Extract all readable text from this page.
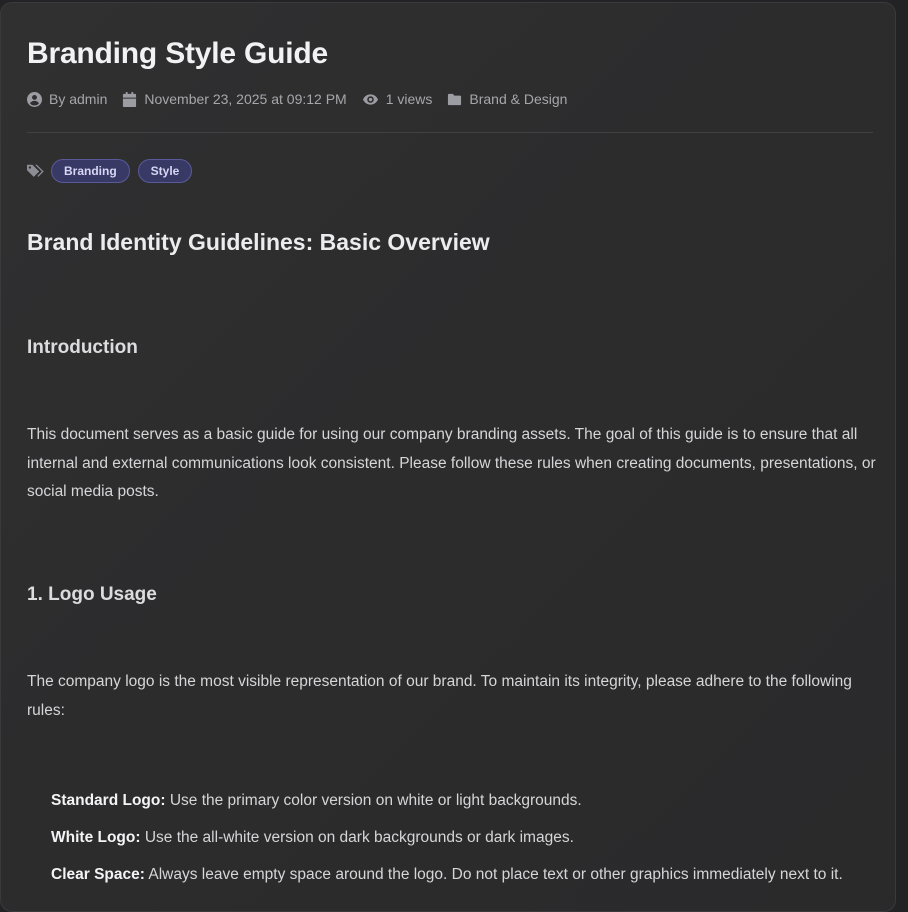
Branding Style Guide
By admin	November 23, 2025 at 09:12 PM	1 views	Brand & Design
Branding	Style
Brand Identity Guidelines: Basic Overview
Introduction

This document serves as a basic guide for using our company branding assets. The goal of this guide is to ensure that all internal and external communications look consistent. Please follow these rules when creating documents, presentations, or social media posts.

1. Logo Usage

The company logo is the most visible representation of our brand. To maintain its integrity, please adhere to the following rules:

Standard Logo: Use the primary color version on white or light backgrounds.
White Logo: Use the all-white version on dark backgrounds or dark images.
Clear Space: Always leave empty space around the logo. Do not place text or other graphics immediately next to it.
